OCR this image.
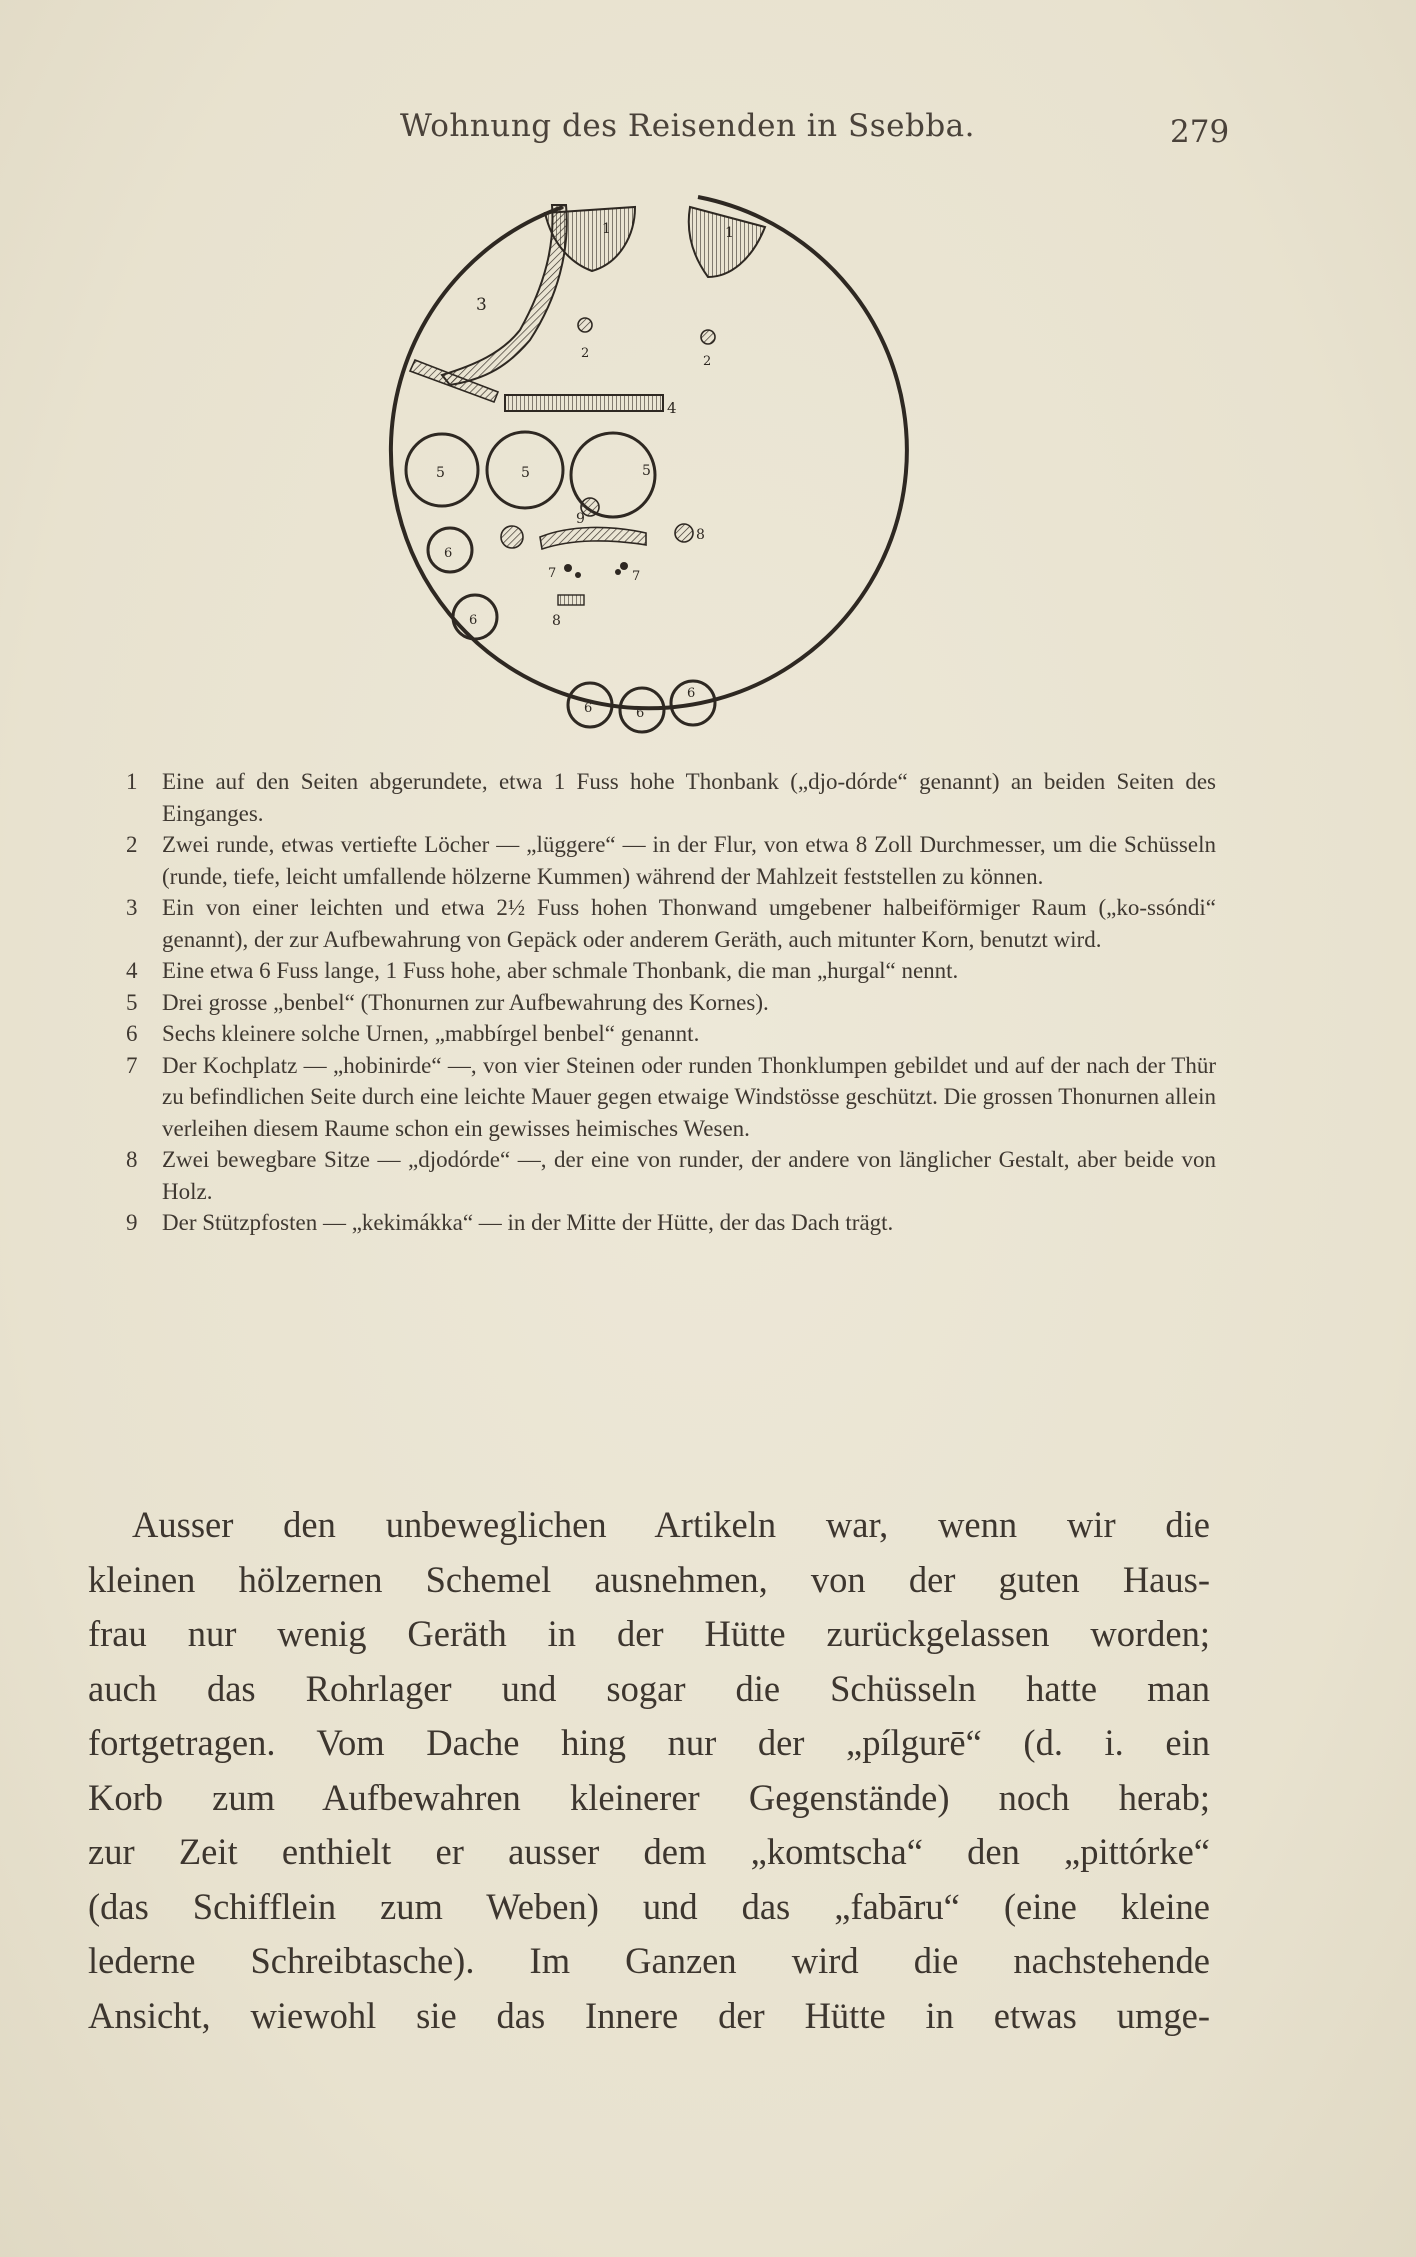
Wohnung des Reisenden in Ssebba.	279
1	1
3
2
2
4
5	5	5
9
6
6
6	6
6
7	7
8
8
1 Eine auf den Seiten abgerundete, etwa 1 Fuss hohe Thonbank („djo-dórde“ genannt) an beiden Seiten des Einganges.
2 Zwei runde, etwas vertiefte Löcher — „lüggere“ — in der Flur, von etwa 8 Zoll Durchmesser, um die Schüsseln (runde, tiefe, leicht umfallende hölzerne Kummen) während der Mahlzeit feststellen zu können.
3 Ein von einer leichten und etwa 2½ Fuss hohen Thonwand umgebener halbeiförmiger Raum („ko-ssóndi“ genannt), der zur Aufbewahrung von Gepäck oder anderem Geräth, auch mitunter Korn, benutzt wird.
4 Eine etwa 6 Fuss lange, 1 Fuss hohe, aber schmale Thonbank, die man „hurgal“ nennt.
5 Drei grosse „benbel“ (Thonurnen zur Aufbewahrung des Kornes).
6 Sechs kleinere solche Urnen, „mabbírgel benbel“ genannt.
7 Der Kochplatz — „hobinirde“ —, von vier Steinen oder runden Thonklumpen gebildet und auf der nach der Thür zu befindlichen Seite durch eine leichte Mauer gegen etwaige Windstösse geschützt. Die grossen Thonurnen allein verleihen diesem Raume schon ein gewisses heimisches Wesen.
8 Zwei bewegbare Sitze — „djodórde“ —, der eine von runder, der andere von länglicher Gestalt, aber beide von Holz.
9 Der Stützpfosten — „kekimákka“ — in der Mitte der Hütte, der das Dach trägt.
Ausser den unbeweglichen Artikeln war, wenn wir die
kleinen hölzernen Schemel ausnehmen, von der guten Haus-
frau nur wenig Geräth in der Hütte zurückgelassen worden;
auch das Rohrlager und sogar die Schüsseln hatte man
fortgetragen. Vom Dache hing nur der „pílgurē“ (d. i. ein
Korb zum Aufbewahren kleinerer Gegenstände) noch herab;
zur Zeit enthielt er ausser dem „komtscha“ den „pittórke“
(das Schifflein zum Weben) und das „fabāru“ (eine kleine
lederne Schreibtasche). Im Ganzen wird die nachstehende
Ansicht, wiewohl sie das Innere der Hütte in etwas umge-
